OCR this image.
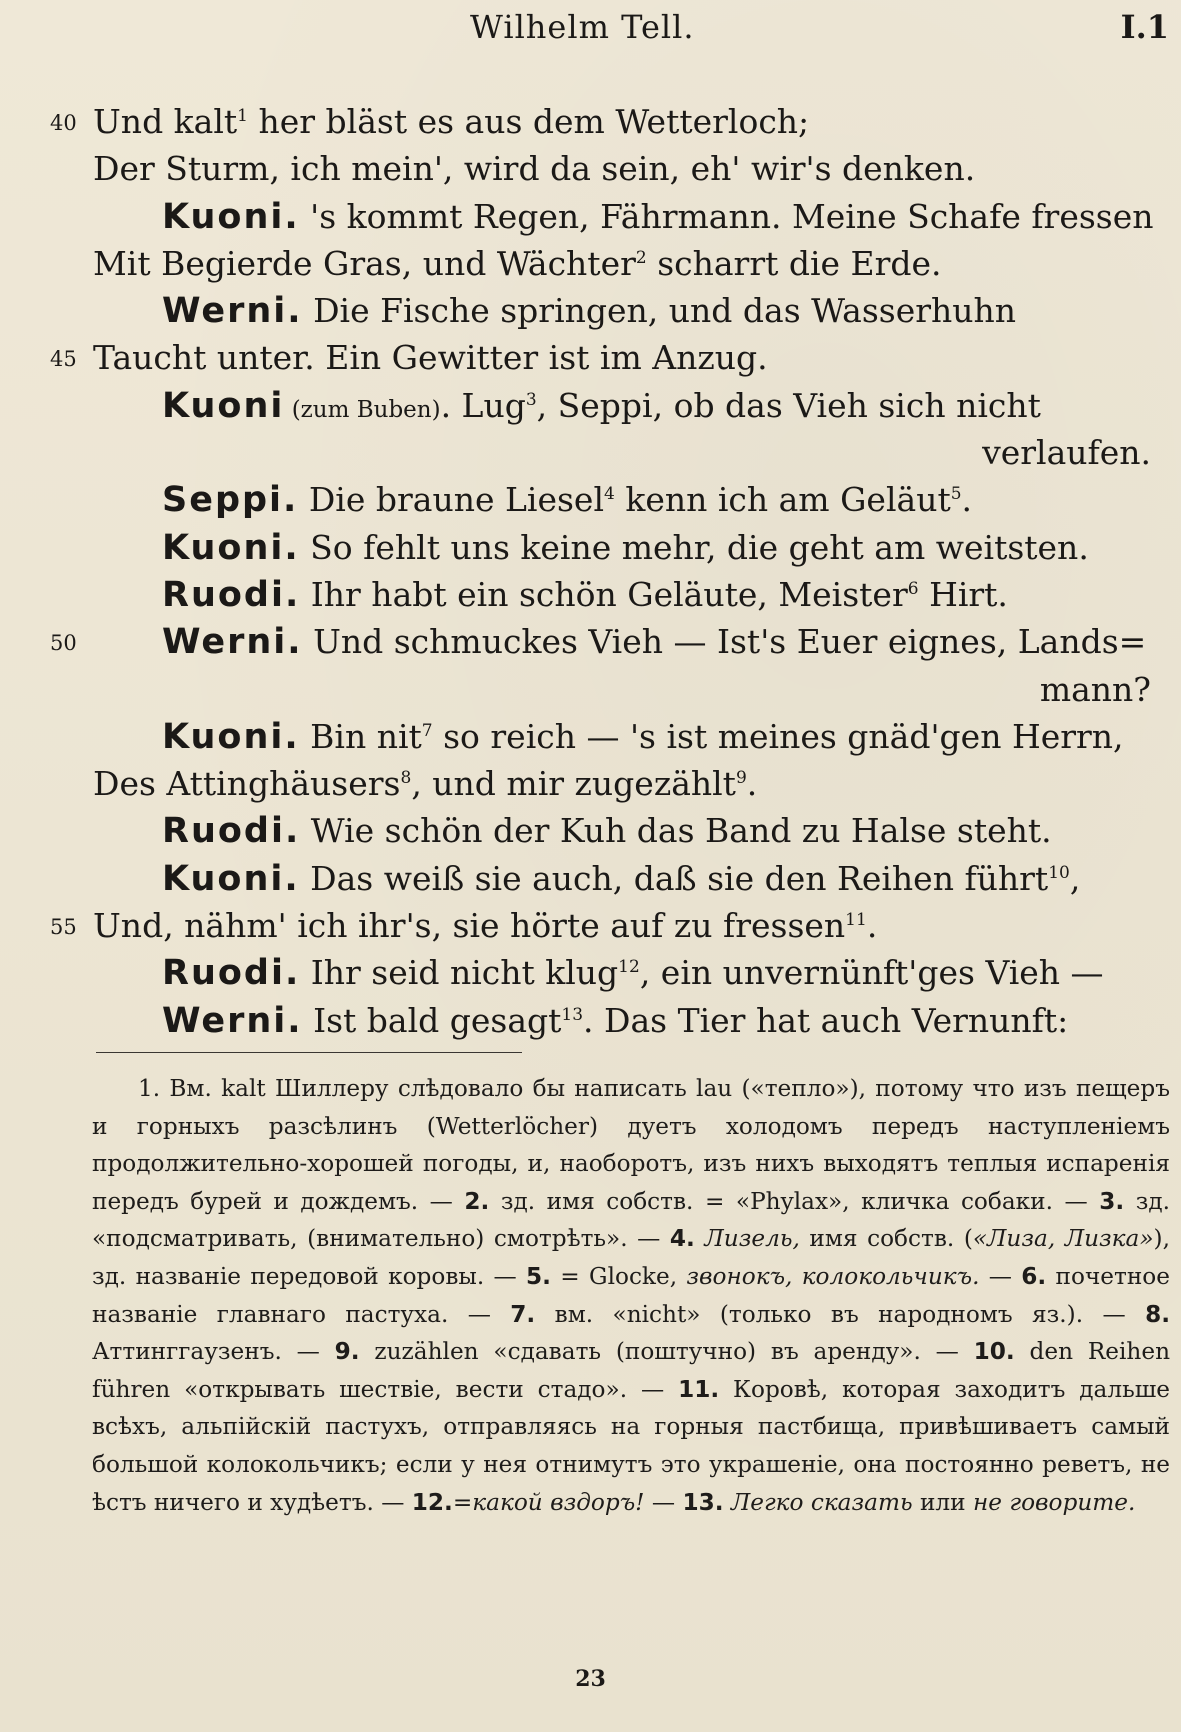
Wilhelm Tell.	I.1
40 Und kalt$^1$ her bläst es aus dem Wetterloch;
Der Sturm, ich mein', wird da sein, eh' wir's denken.
Kuoni. 's kommt Regen, Fährmann. Meine Schafe fressen
Mit Begierde Gras, und Wächter$^2$ scharrt die Erde.
Werni. Die Fische springen, und das Wasserhuhn
45 Taucht unter. Ein Gewitter ist im Anzug.
Kuoni (zum Buben). Lug$^3$, Seppi, ob das Vieh sich nicht
verlaufen.
Seppi. Die braune Liesel$^4$ kenn ich am Geläut$^5$.
Kuoni. So fehlt uns keine mehr, die geht am weitsten.
Ruodi. Ihr habt ein schön Geläute, Meister$^6$ Hirt.
50 Werni. Und schmuckes Vieh — Ist's Euer eignes, Lands=
mann?
Kuoni. Bin nit$^7$ so reich — 's ist meines gnäd'gen Herrn,
Des Attinghäusers$^8$, und mir zugezählt$^9$.
Ruodi. Wie schön der Kuh das Band zu Halse steht.
Kuoni. Das weiß sie auch, daß sie den Reihen führt$^{10}$,
55 Und, nähm' ich ihr's, sie hörte auf zu fressen$^{11}$.
Ruodi. Ihr seid nicht klug$^{12}$, ein unvernünft'ges Vieh —
Werni. Ist bald gesagt$^{13}$. Das Tier hat auch Vernunft:
1. Вм. kalt Шиллеру слѣдовало бы написать lau («тепло»), потому что изъ пещеръ и горныхъ разсѣлинъ (Wetterlöcher) дуетъ холодомъ передъ наступленіемъ продолжительно-хорошей погоды, и, наоборотъ, изъ нихъ выходятъ теплыя испаренія передъ бурей и дождемъ. — 2. зд. имя собств. = «Phylax», кличка собаки. — 3. зд. «подсматривать, (внимательно) смотрѣть». — 4. Лизель, имя собств. («Лиза, Лизка»), зд. названіе передовой коровы. — 5. = Glocke, звонокъ, колокольчикъ. — 6. почетное названіе главнаго пастуха. — 7. вм. «nicht» (только въ народномъ яз.). — 8. Аттинггаузенъ. — 9. zuzählen «сдавать (поштучно) въ аренду». — 10. den Reihen führen «открывать шествіе, вести стадо». — 11. Коровѣ, которая заходитъ дальше всѣхъ, альпійскій пастухъ, отправляясь на горныя пастбища, привѣшиваетъ самый большой колокольчикъ; если у нея отнимутъ это украшеніе, она постоянно реветъ, не ѣстъ ничего и худѣетъ. — 12.=какой вздоръ! — 13. Легко сказать или не говорите.
23
